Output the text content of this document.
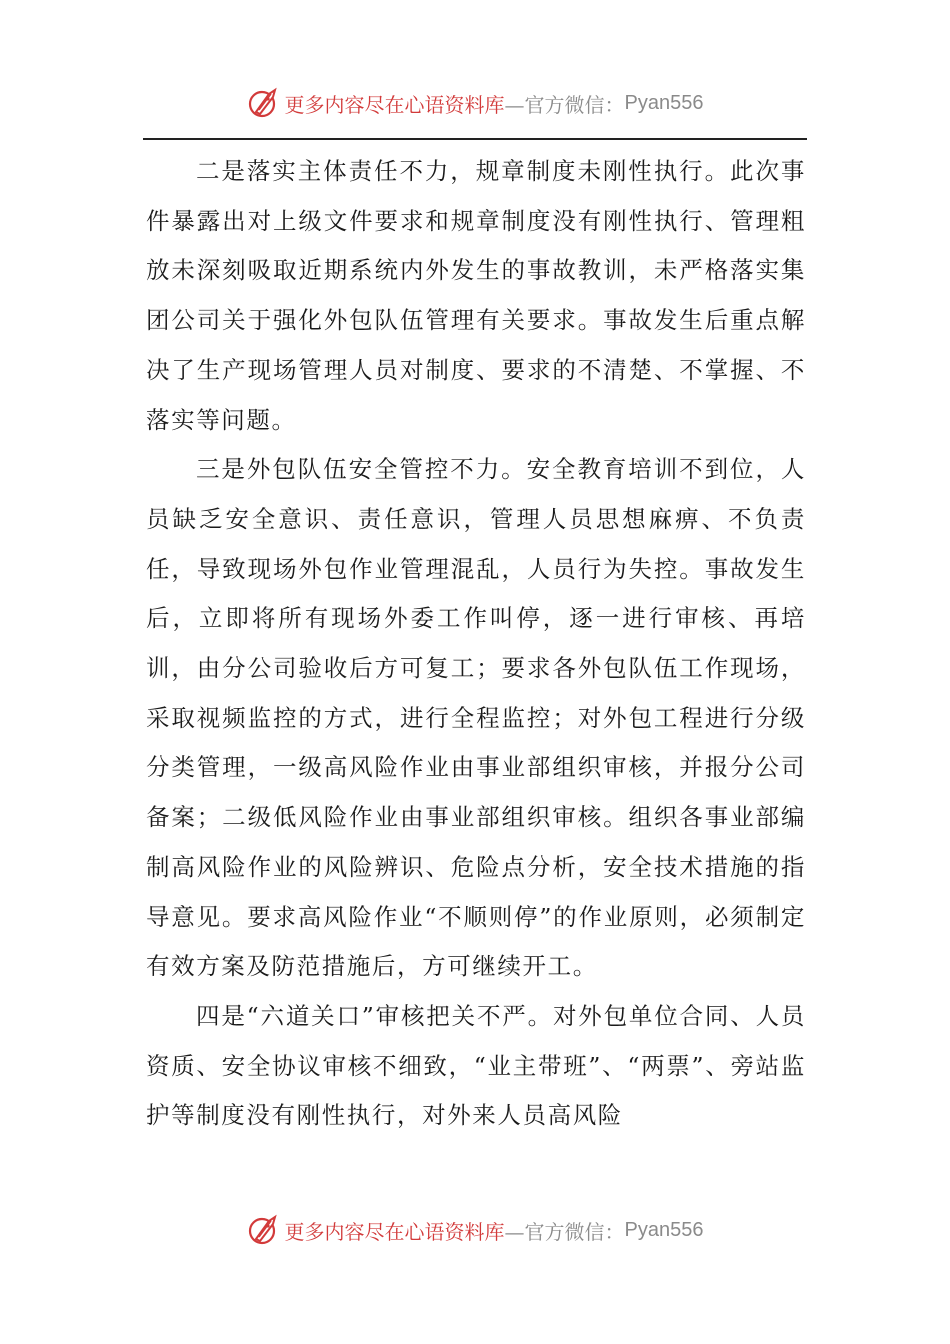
更多内容尽在心语资料库 —官方微信： Pyan556

二是落实主体责任不力，规章制度未刚性执行。此次事件暴露出对上级文件要求和规章制度没有刚性执行、管理粗放未深刻吸取近期系统内外发生的事故教训，未严格落实集团公司关于强化外包队伍管理有关要求。事故发生后重点解决了生产现场管理人员对制度、要求的不清楚、不掌握、不落实等问题。

三是外包队伍安全管控不力。安全教育培训不到位，人员缺乏安全意识、责任意识，管理人员思想麻痹、不负责任，导致现场外包作业管理混乱，人员行为失控。事故发生后，立即将所有现场外委工作叫停，逐一进行审核、再培训，由分公司验收后方可复工；要求各外包队伍工作现场，采取视频监控的方式，进行全程监控；对外包工程进行分级分类管理，一级高风险作业由事业部组织审核，并报分公司备案；二级低风险作业由事业部组织审核。组织各事业部编制高风险作业的风险辨识、危险点分析，安全技术措施的指导意见。要求高风险作业“不顺则停”的作业原则，必须制定有效方案及防范措施后，方可继续开工。

四是“六道关口”审核把关不严。对外包单位合同、人员资质、安全协议审核不细致，“业主带班”、“两票”、旁站监护等制度没有刚性执行，对外来人员高风险

更多内容尽在心语资料库 —官方微信： Pyan556
